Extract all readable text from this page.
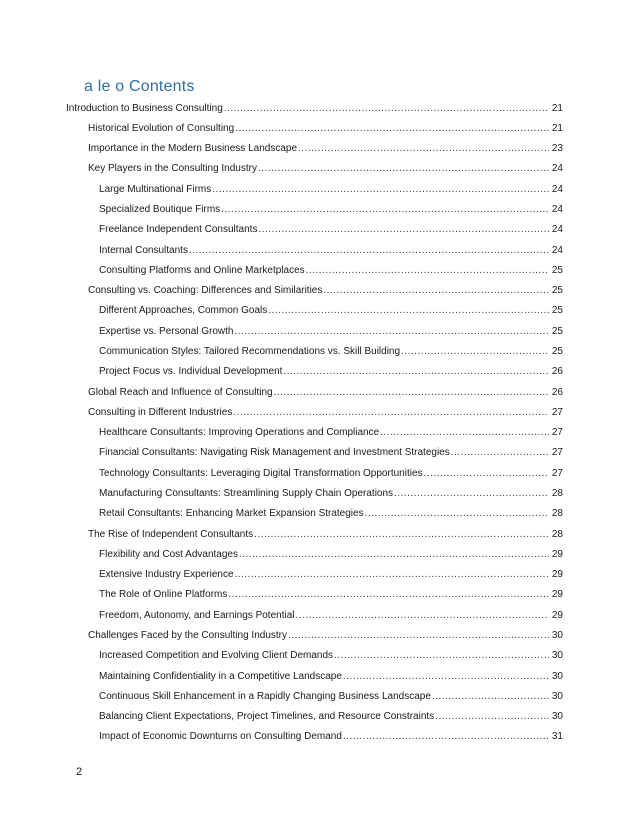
a le o Contents
Introduction to Business Consulting .....	21
Historical Evolution of Consulting .....	21
Importance in the Modern Business Landscape .....	23
Key Players in the Consulting Industry .....	24
Large Multinational Firms .....	24
Specialized Boutique Firms .....	24
Freelance Independent Consultants .....	24
Internal Consultants .....	24
Consulting Platforms and Online Marketplaces .....	25
Consulting vs. Coaching: Differences and Similarities .....	25
Different Approaches, Common Goals .....	25
Expertise vs. Personal Growth .....	25
Communication Styles: Tailored Recommendations vs. Skill Building .....	25
Project Focus vs. Individual Development .....	26
Global Reach and Influence of Consulting .....	26
Consulting in Different Industries .....	27
Healthcare Consultants: Improving Operations and Compliance .....	27
Financial Consultants: Navigating Risk Management and Investment Strategies .....	27
Technology Consultants: Leveraging Digital Transformation Opportunities .....	27
Manufacturing Consultants: Streamlining Supply Chain Operations .....	28
Retail Consultants: Enhancing Market Expansion Strategies .....	28
The Rise of Independent Consultants .....	28
Flexibility and Cost Advantages .....	29
Extensive Industry Experience .....	29
The Role of Online Platforms .....	29
Freedom, Autonomy, and Earnings Potential .....	29
Challenges Faced by the Consulting Industry .....	30
Increased Competition and Evolving Client Demands .....	30
Maintaining Confidentiality in a Competitive Landscape .....	30
Continuous Skill Enhancement in a Rapidly Changing Business Landscape .....	30
Balancing Client Expectations, Project Timelines, and Resource Constraints .....	30
Impact of Economic Downturns on Consulting Demand .....	31
2
